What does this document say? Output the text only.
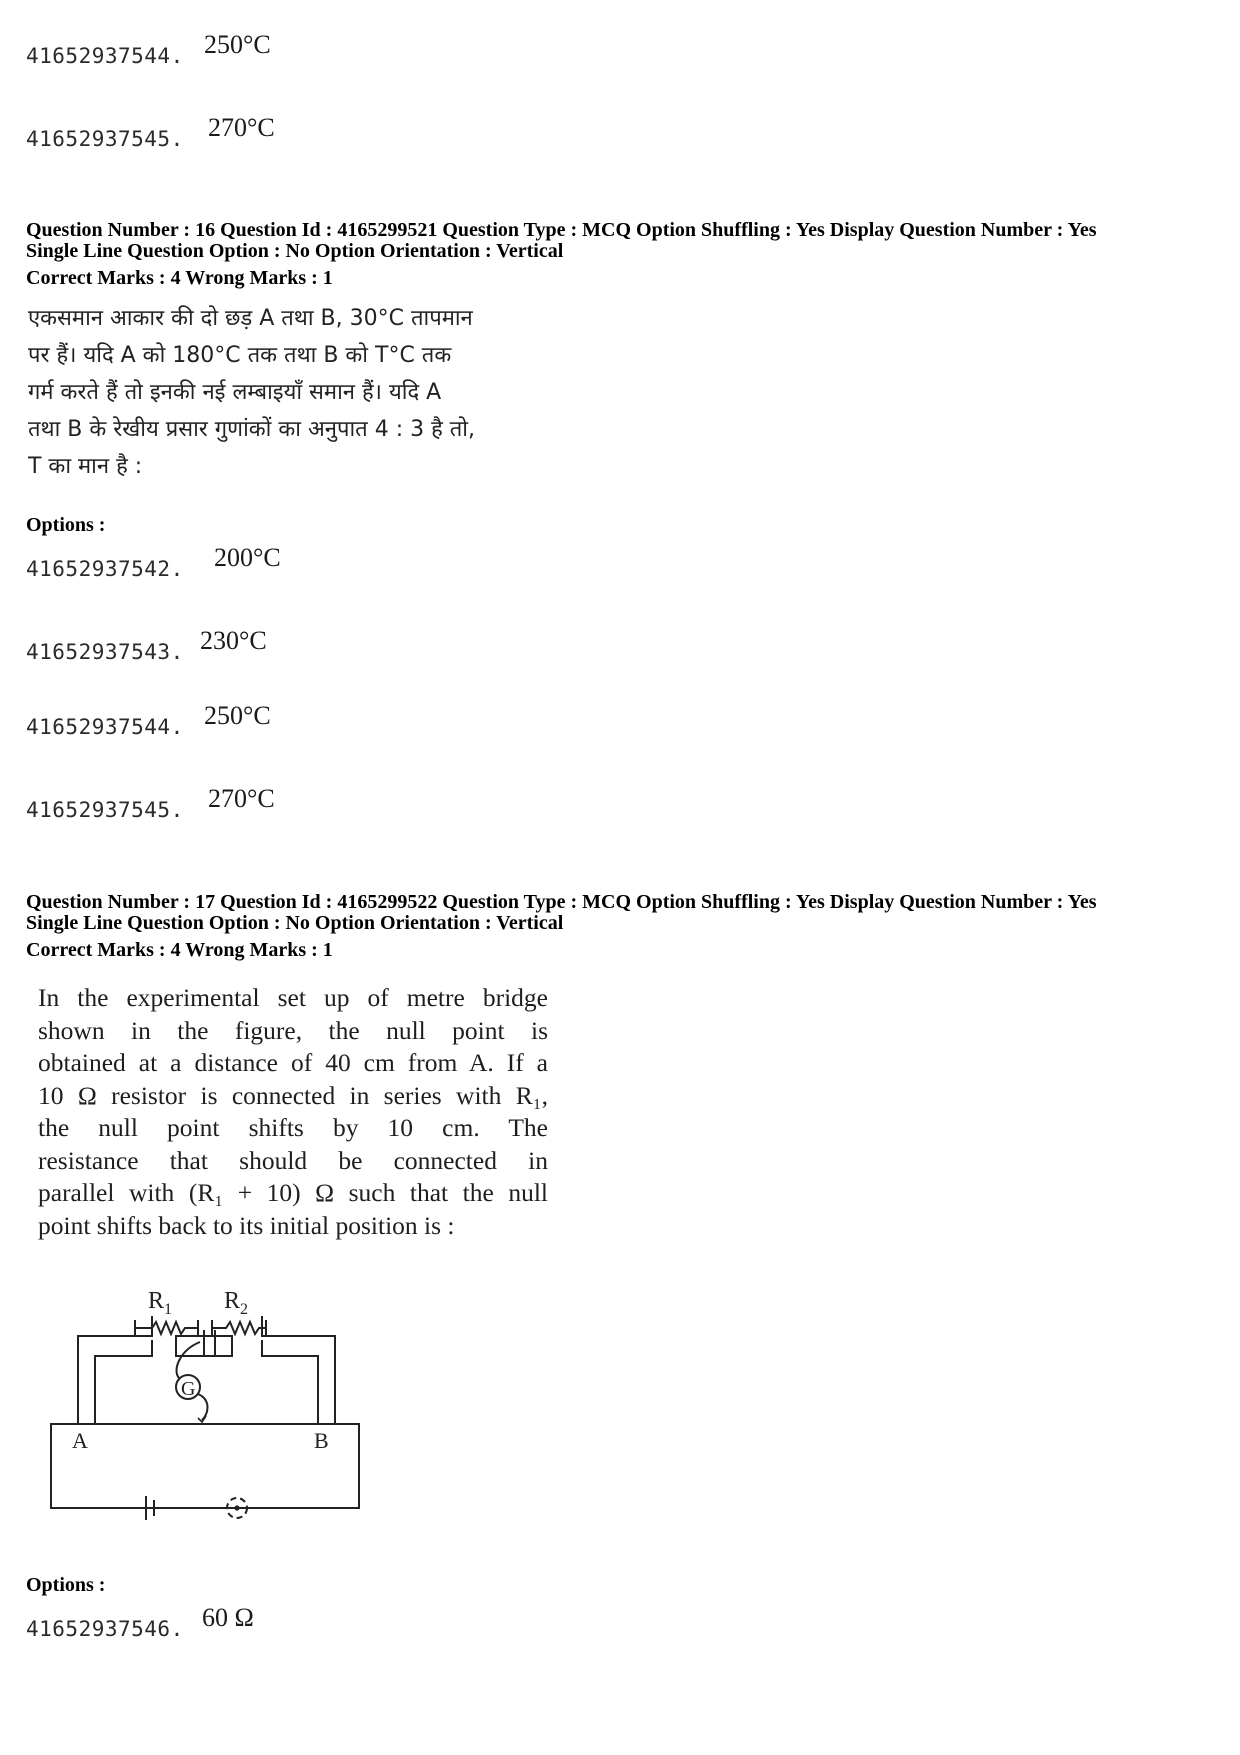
41652937544. 250°C
41652937545. 270°C
Question Number : 16 Question Id : 4165299521 Question Type : MCQ Option Shuffling : Yes Display Question Number : Yes
Single Line Question Option : No Option Orientation : Vertical
Correct Marks : 4 Wrong Marks : 1
एकसमान आकार की दो छड़ A तथा B, 30°C तापमान
पर हैं। यदि A को 180°C तक तथा B को T°C तक
गर्म करते हैं तो इनकी नई लम्बाइयाँ समान हैं। यदि A
तथा B के रेखीय प्रसार गुणांकों का अनुपात 4 : 3 है तो,
T का मान है :
Options :
41652937542. 200°C
41652937543. 230°C
41652937544. 250°C
41652937545. 270°C
Question Number : 17 Question Id : 4165299522 Question Type : MCQ Option Shuffling : Yes Display Question Number : Yes
Single Line Question Option : No Option Orientation : Vertical
Correct Marks : 4 Wrong Marks : 1
In the experimental set up of metre bridge
shown in the figure, the null point is
obtained at a distance of 40 cm from A. If a
10 Ω resistor is connected in series with R₁,
the null point shifts by 10 cm. The
resistance that should be connected in
parallel with (R₁ + 10) Ω such that the null
point shifts back to its initial position is :
$R_1$ $R_2$
G
A	B
Options :
41652937546. 60 Ω
